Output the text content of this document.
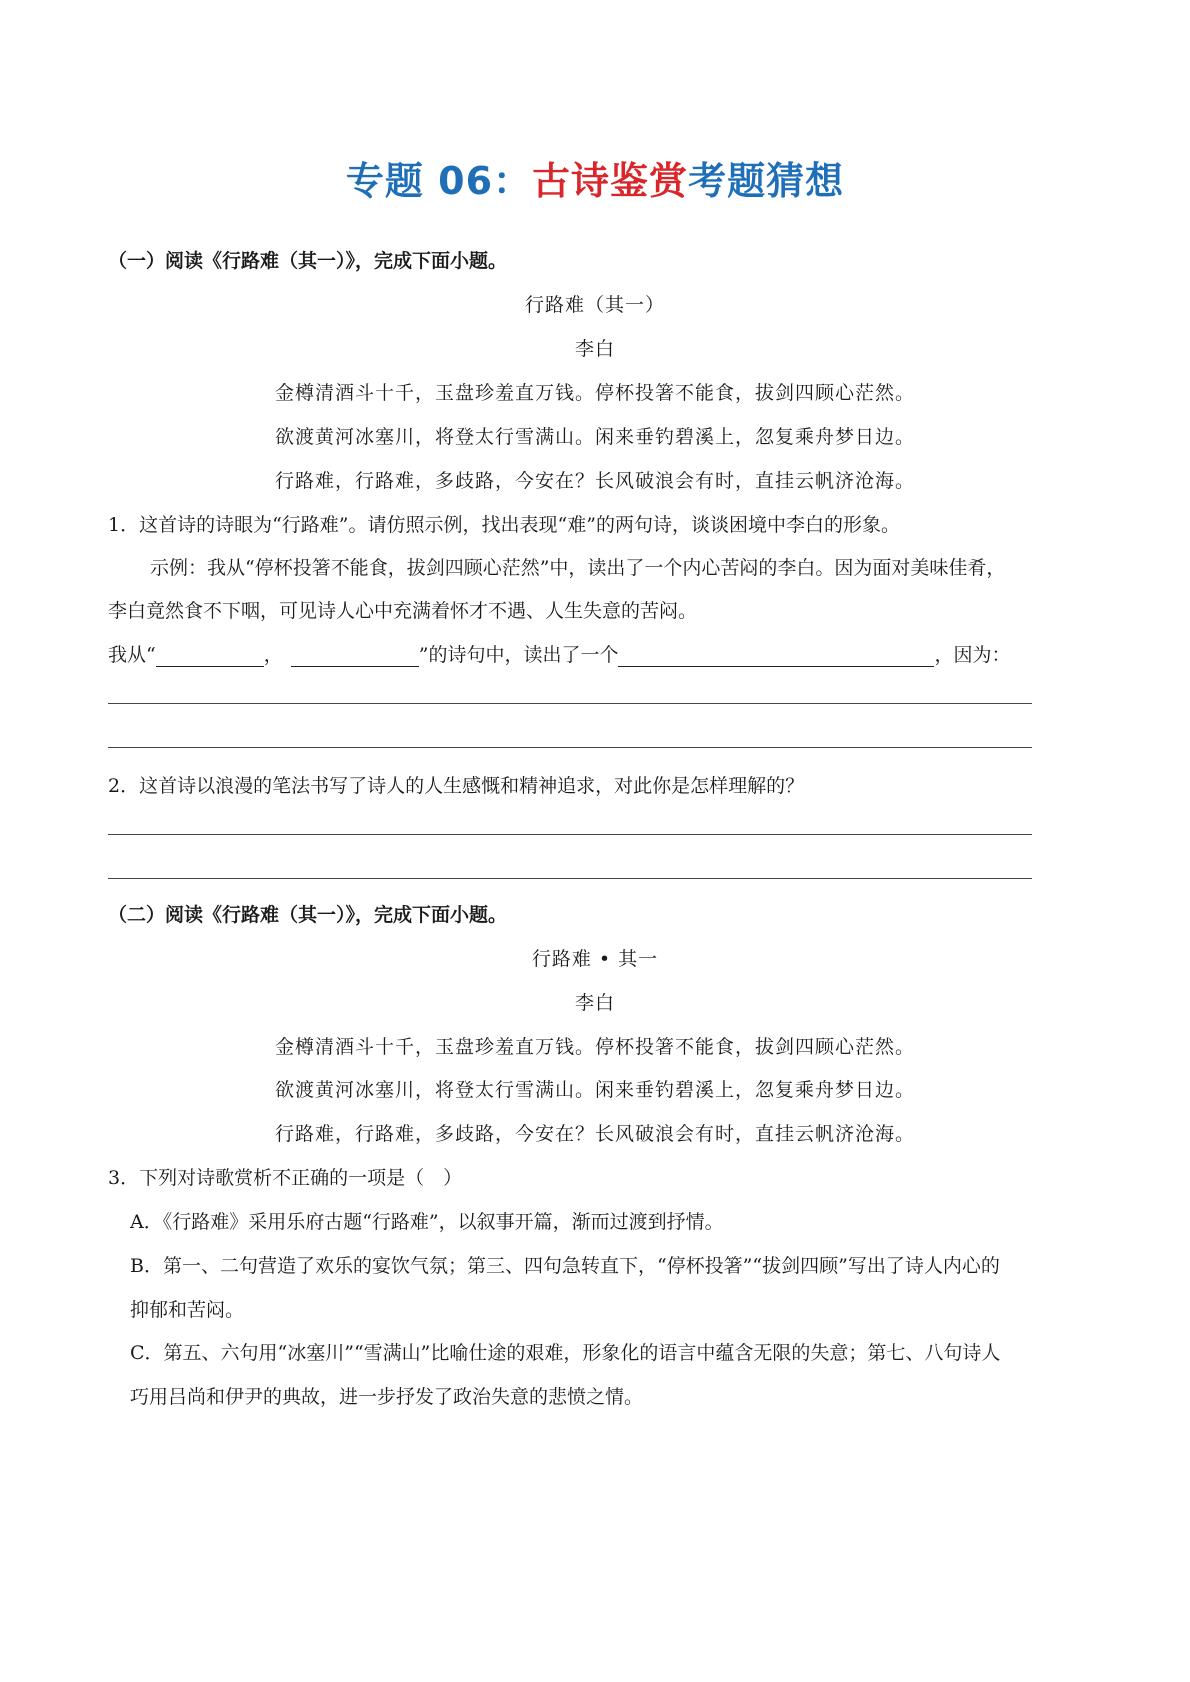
专题 06：古诗鉴赏考题猜想
（一）阅读《行路难（其一）》，完成下面小题。
行路难（其一）
李白
金樽清酒斗十千，玉盘珍羞直万钱。停杯投箸不能食，拔剑四顾心茫然。
欲渡黄河冰塞川，将登太行雪满山。闲来垂钓碧溪上，忽复乘舟梦日边。
行路难，行路难，多歧路，今安在？长风破浪会有时，直挂云帆济沧海。
1．这首诗的诗眼为“行路难”。请仿照示例，找出表现“难”的两句诗，谈谈困境中李白的形象。
示例：我从“停杯投箸不能食，拔剑四顾心茫然”中，读出了一个内心苦闷的李白。因为面对美味佳肴，
李白竟然食不下咽，可见诗人心中充满着怀才不遇、人生失意的苦闷。
我从“	，	”的诗句中，读出了一个	，因为：
2．这首诗以浪漫的笔法书写了诗人的人生感慨和精神追求，对此你是怎样理解的？
（二）阅读《行路难（其一）》，完成下面小题。
行路难 • 其一
李白
金樽清酒斗十千，玉盘珍羞直万钱。停杯投箸不能食，拔剑四顾心茫然。
欲渡黄河冰塞川，将登太行雪满山。闲来垂钓碧溪上，忽复乘舟梦日边。
行路难，行路难，多歧路，今安在？长风破浪会有时，直挂云帆济沧海。
3．下列对诗歌赏析不正确的一项是（　）
A．《行路难》采用乐府古题“行路难”，以叙事开篇，渐而过渡到抒情。
B．第一、二句营造了欢乐的宴饮气氛；第三、四句急转直下，“停杯投箸”“拔剑四顾”写出了诗人内心的
抑郁和苦闷。
C．第五、六句用“冰塞川”“雪满山”比喻仕途的艰难，形象化的语言中蕴含无限的失意；第七、八句诗人
巧用吕尚和伊尹的典故，进一步抒发了政治失意的悲愤之情。
